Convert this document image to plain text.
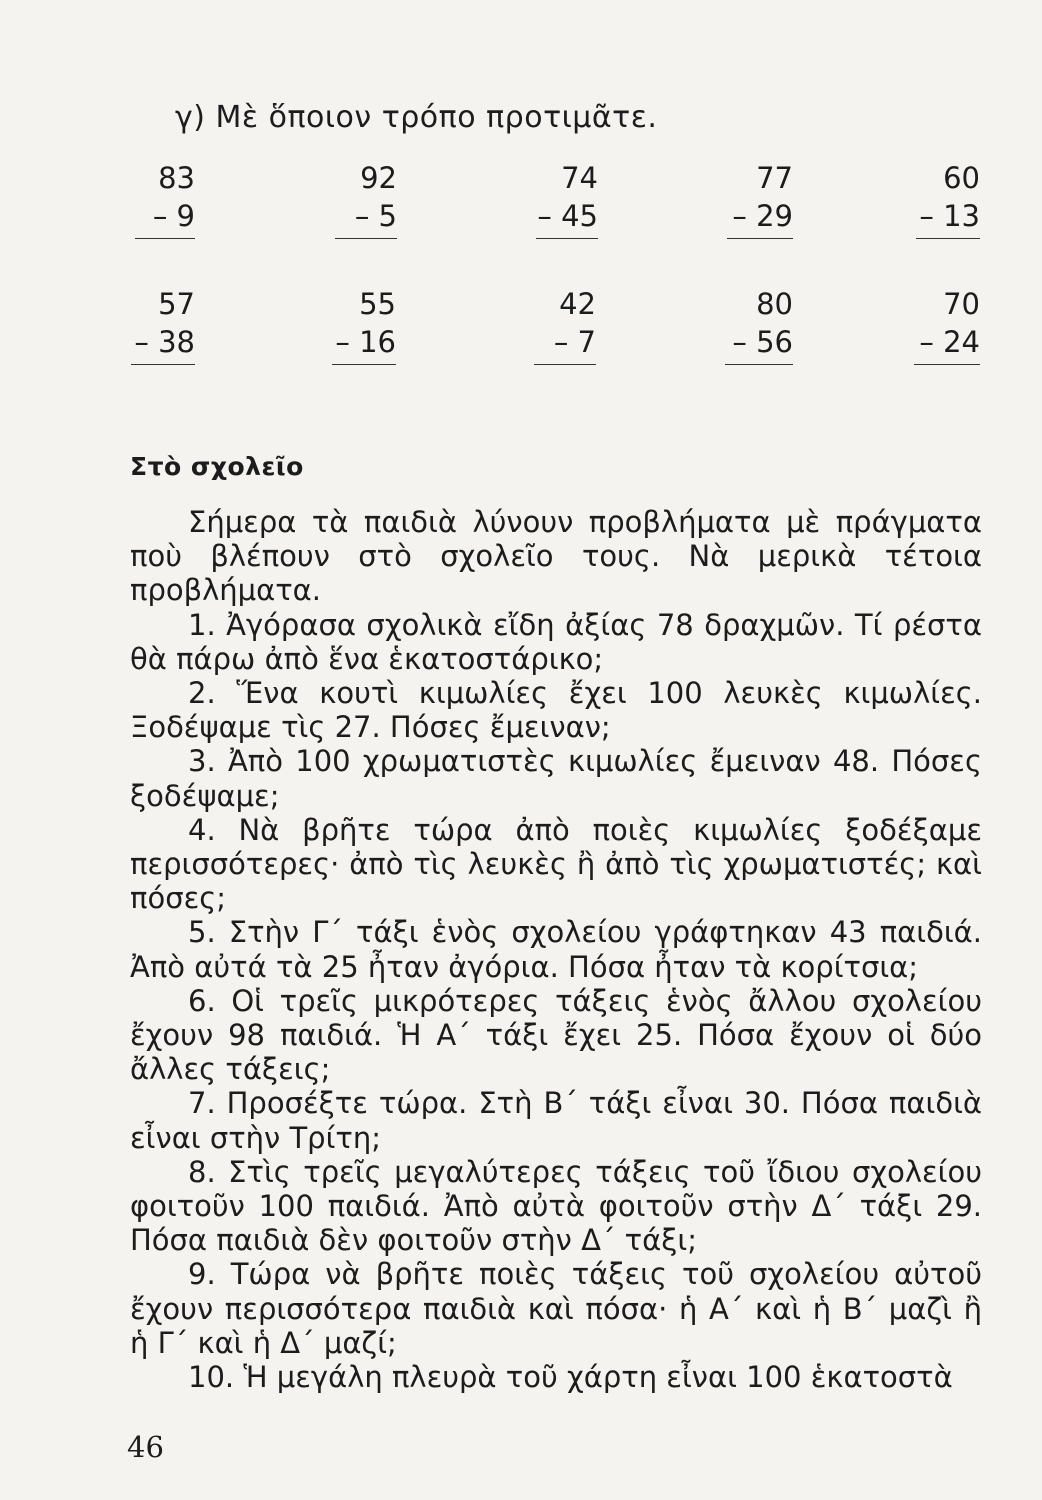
γ) Μὲ ὅποιον τρόπο προτιμᾶτε.
83
– 9
92
– 5
74
– 45
77
– 29
60
– 13
57
– 38
55
– 16
42
– 7
80
– 56
70
– 24
Στὸ σχολεῖο

Σήμερα τὰ παιδιὰ λύνουν προβλήματα μὲ πράγματα ποὺ βλέπουν στὸ σχολεῖο τους. Νὰ μερικὰ τέτοια προβλήματα.

1. Ἀγόρασα σχολικὰ εἴδη ἀξίας 78 δραχμῶν. Τί ρέστα θὰ πάρω ἀπὸ ἕνα ἑκατοστάρικο;

2. Ἕνα κουτὶ κιμωλίες ἔχει 100 λευκὲς κιμωλίες. Ξοδέψαμε τὶς 27. Πόσες ἔμειναν;

3. Ἀπὸ 100 χρωματιστὲς κιμωλίες ἔμειναν 48. Πόσες ξοδέψαμε;

4. Νὰ βρῆτε τώρα ἀπὸ ποιὲς κιμωλίες ξοδέξαμε περισσότερες· ἀπὸ τὶς λευκὲς ἢ ἀπὸ τὶς χρωματιστές; καὶ πόσες;

5. Στὴν Γ΄ τάξι ἑνὸς σχολείου γράφτηκαν 43 παιδιά. Ἀπὸ αὐτά τὰ 25 ἦταν ἀγόρια. Πόσα ἦταν τὰ κορίτσια;

6. Οἱ τρεῖς μικρότερες τάξεις ἑνὸς ἄλλου σχολείου ἔχουν 98 παιδιά. Ἡ Α΄ τάξι ἔχει 25. Πόσα ἔχουν οἱ δύο ἄλλες τάξεις;

7. Προσέξτε τώρα. Στὴ Β΄ τάξι εἶναι 30. Πόσα παιδιὰ εἶναι στὴν Τρίτη;

8. Στὶς τρεῖς μεγαλύτερες τάξεις τοῦ ἴδιου σχολείου φοιτοῦν 100 παιδιά. Ἀπὸ αὐτὰ φοιτοῦν στὴν Δ΄ τάξι 29. Πόσα παιδιὰ δὲν φοιτοῦν στὴν Δ΄ τάξι;

9. Τώρα νὰ βρῆτε ποιὲς τάξεις τοῦ σχολείου αὐτοῦ ἔχουν περισσότερα παιδιὰ καὶ πόσα· ἡ Α΄ καὶ ἡ Β΄ μαζὶ ἢ ἡ Γ΄ καὶ ἡ Δ΄ μαζί;

10. Ἡ μεγάλη πλευρὰ τοῦ χάρτη εἶναι 100 ἑκατοστὰ

46
